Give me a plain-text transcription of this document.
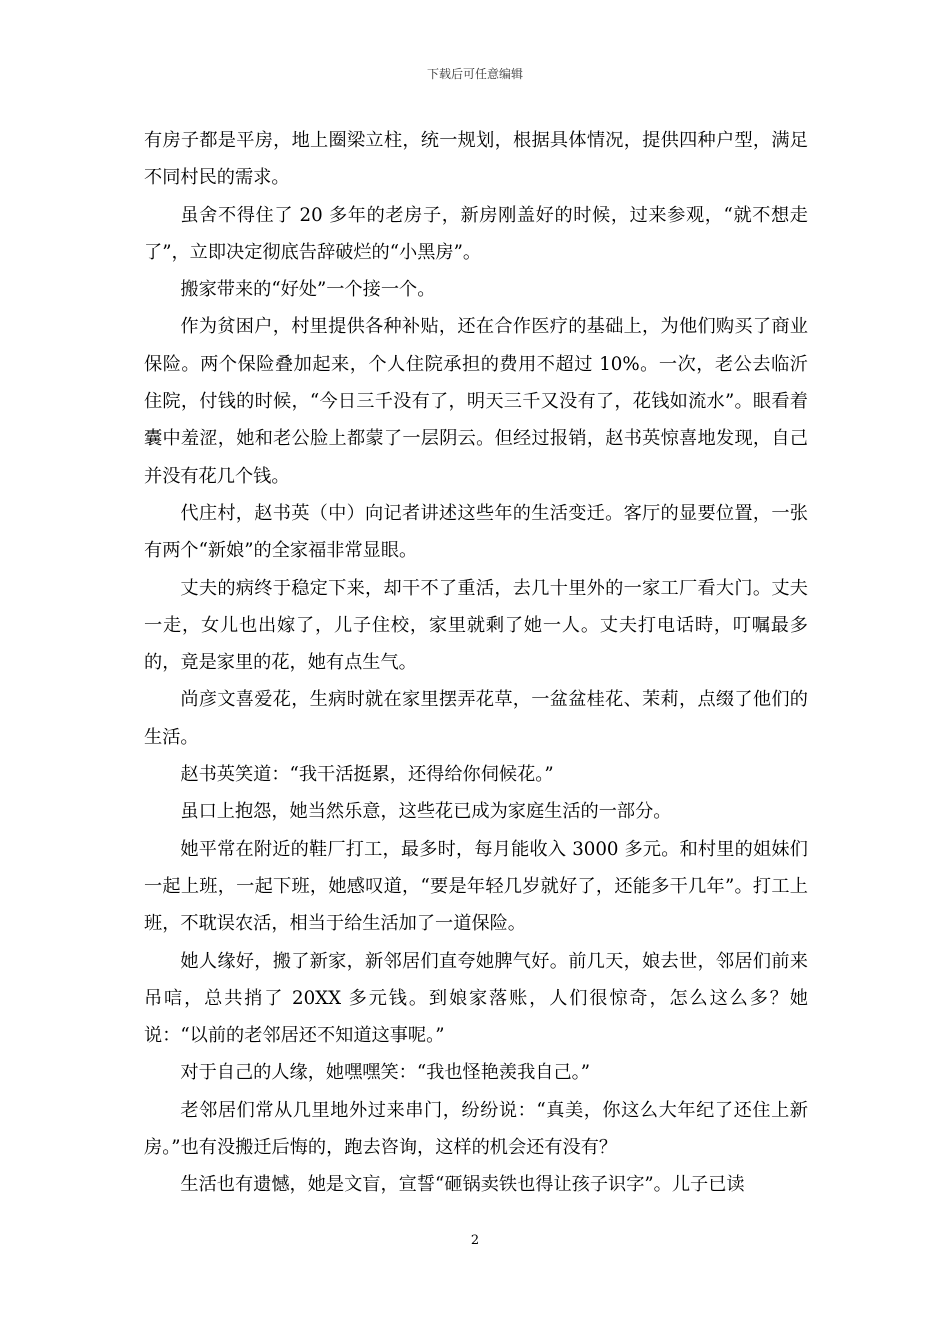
下载后可任意编辑

有房子都是平房，地上圈梁立柱，统一规划，根据具体情况，提供四种户型，满足不同村民的需求。

虽舍不得住了 20 多年的老房子，新房刚盖好的时候，过来参观，“就不想走了”，立即决定彻底告辞破烂的“小黑房”。

搬家带来的“好处”一个接一个。

作为贫困户，村里提供各种补贴，还在合作医疗的基础上，为他们购买了商业保险。两个保险叠加起来，个人住院承担的费用不超过 10%。一次，老公去临沂住院，付钱的时候，“今日三千没有了，明天三千又没有了，花钱如流水”。眼看着囊中羞涩，她和老公脸上都蒙了一层阴云。但经过报销，赵书英惊喜地发现，自己并没有花几个钱。

代庄村，赵书英（中）向记者讲述这些年的生活变迁。客厅的显要位置，一张有两个“新娘”的全家福非常显眼。

丈夫的病终于稳定下来，却干不了重活，去几十里外的一家工厂看大门。丈夫一走，女儿也出嫁了，儿子住校，家里就剩了她一人。丈夫打电话時，叮嘱最多的，竟是家里的花，她有点生气。

尚彦文喜爱花，生病时就在家里摆弄花草，一盆盆桂花、茉莉，点缀了他们的生活。

赵书英笑道：“我干活挺累，还得给你伺候花。”

虽口上抱怨，她当然乐意，这些花已成为家庭生活的一部分。

她平常在附近的鞋厂打工，最多时，每月能收入 3000 多元。和村里的姐妹们一起上班，一起下班，她感叹道，“要是年轻几岁就好了，还能多干几年”。打工上班，不耽误农活，相当于给生活加了一道保险。

她人缘好，搬了新家，新邻居们直夸她脾气好。前几天，娘去世，邻居们前来吊唁，总共捎了 20XX 多元钱。到娘家落账，人们很惊奇，怎么这么多？她说：“以前的老邻居还不知道这事呢。”

对于自己的人缘，她嘿嘿笑：“我也怪艳羡我自己。”

老邻居们常从几里地外过来串门，纷纷说：“真美，你这么大年纪了还住上新房。”也有没搬迁后悔的，跑去咨询，这样的机会还有没有？

生活也有遗憾，她是文盲，宣誓“砸锅卖铁也得让孩子识字”。儿子已读

2
